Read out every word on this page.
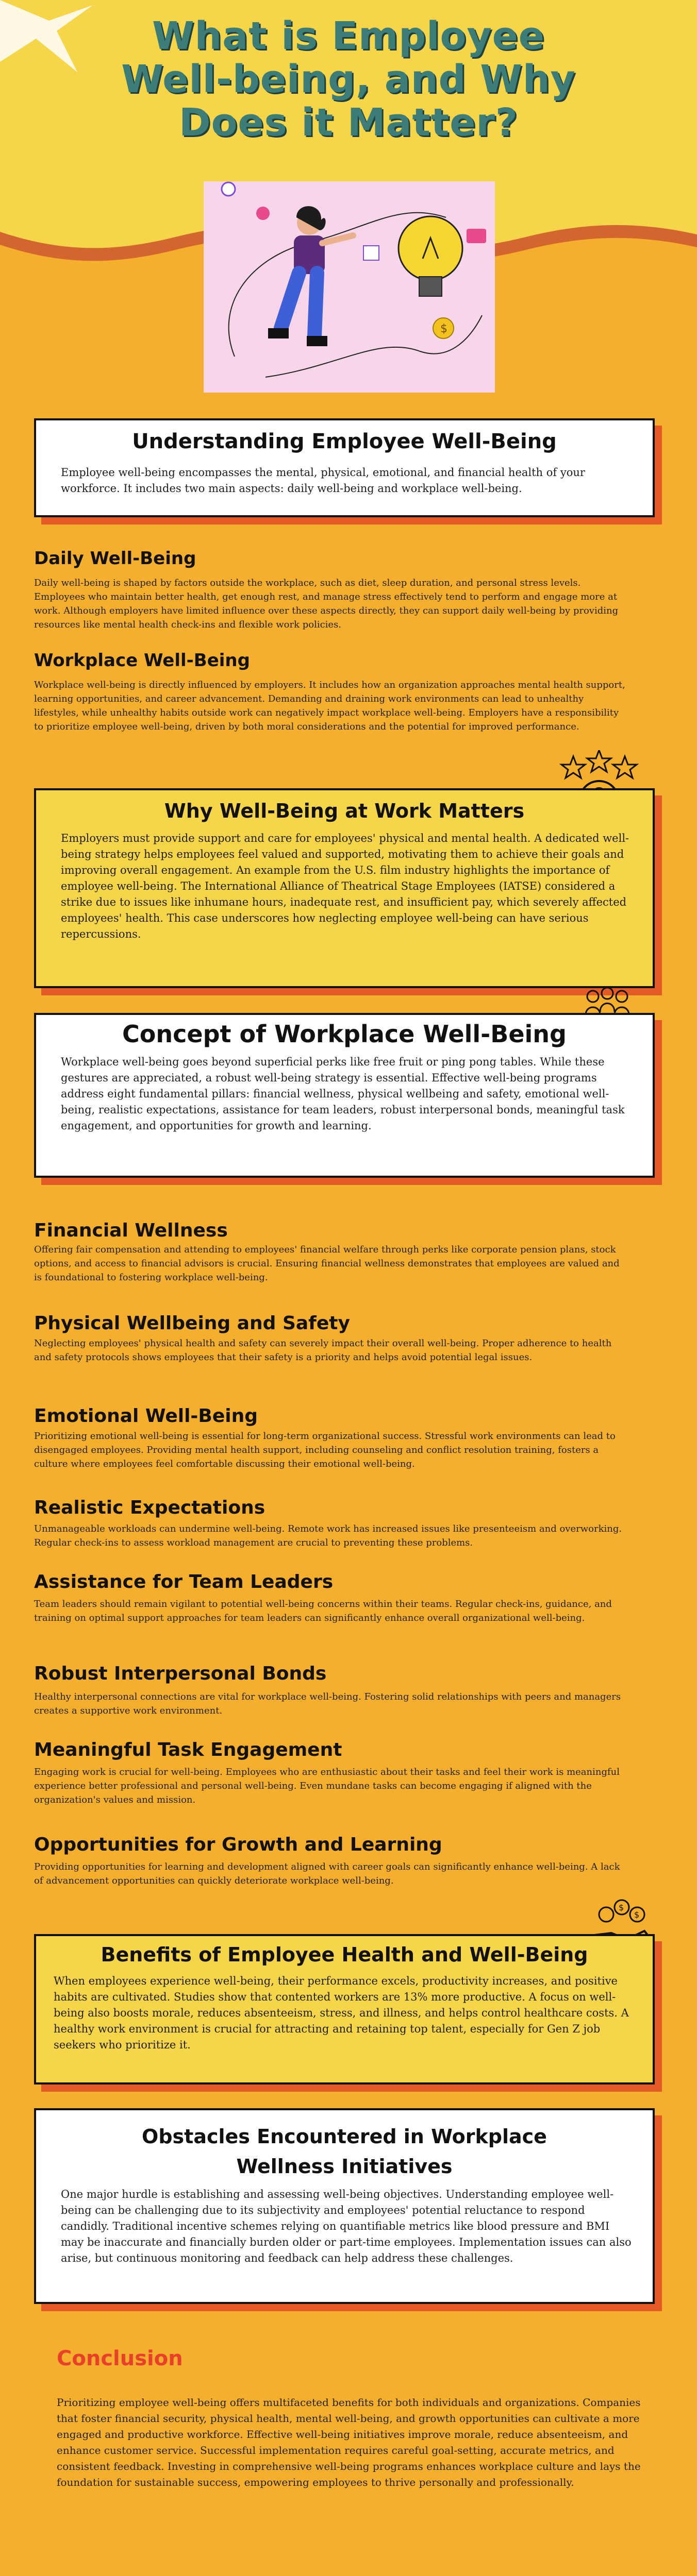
What is Employee
Well-being, and Why
Does it Matter?
$
Understanding Employee Well-Being
Employee well-being encompasses the mental, physical, emotional, and financial health of your workforce. It includes two main aspects: daily well-being and workplace well-being.
Daily Well-Being
Daily well-being is shaped by factors outside the workplace, such as diet, sleep duration, and personal stress levels. Employees who maintain better health, get enough rest, and manage stress effectively tend to perform and engage more at work. Although employers have limited influence over these aspects directly, they can support daily well-being by providing resources like mental health check-ins and flexible work policies.
Workplace Well-Being
Workplace well-being is directly influenced by employers. It includes how an organization approaches mental health support, learning opportunities, and career advancement. Demanding and draining work environments can lead to unhealthy lifestyles, while unhealthy habits outside work can negatively impact workplace well-being. Employers have a responsibility to prioritize employee well-being, driven by both moral considerations and the potential for improved performance.
Why Well-Being at Work Matters
Employers must provide support and care for employees' physical and mental health. A dedicated well-being strategy helps employees feel valued and supported, motivating them to achieve their goals and improving overall engagement. An example from the U.S. film industry highlights the importance of employee well-being. The International Alliance of Theatrical Stage Employees (IATSE) considered a strike due to issues like inhumane hours, inadequate rest, and insufficient pay, which severely affected employees' health. This case underscores how neglecting employee well-being can have serious repercussions.
Concept of Workplace Well-Being
Workplace well-being goes beyond superficial perks like free fruit or ping pong tables. While these gestures are appreciated, a robust well-being strategy is essential. Effective well-being programs address eight fundamental pillars: financial wellness, physical wellbeing and safety, emotional well-being, realistic expectations, assistance for team leaders, robust interpersonal bonds, meaningful task engagement, and opportunities for growth and learning.
Financial Wellness
Offering fair compensation and attending to employees' financial welfare through perks like corporate pension plans, stock options, and access to financial advisors is crucial. Ensuring financial wellness demonstrates that employees are valued and is foundational to fostering workplace well-being.
Physical Wellbeing and Safety
Neglecting employees' physical health and safety can severely impact their overall well-being. Proper adherence to health and safety protocols shows employees that their safety is a priority and helps avoid potential legal issues.
Emotional Well-Being
Prioritizing emotional well-being is essential for long-term organizational success. Stressful work environments can lead to disengaged employees. Providing mental health support, including counseling and conflict resolution training, fosters a culture where employees feel comfortable discussing their emotional well-being.
Realistic Expectations
Unmanageable workloads can undermine well-being. Remote work has increased issues like presenteeism and overworking. Regular check-ins to assess workload management are crucial to preventing these problems.
Assistance for Team Leaders
Team leaders should remain vigilant to potential well-being concerns within their teams. Regular check-ins, guidance, and training on optimal support approaches for team leaders can significantly enhance overall organizational well-being.
Robust Interpersonal Bonds
Healthy interpersonal connections are vital for workplace well-being. Fostering solid relationships with peers and managers creates a supportive work environment.
Meaningful Task Engagement
Engaging work is crucial for well-being. Employees who are enthusiastic about their tasks and feel their work is meaningful experience better professional and personal well-being. Even mundane tasks can become engaging if aligned with the organization's values and mission.
Opportunities for Growth and Learning
Providing opportunities for learning and development aligned with career goals can significantly enhance well-being. A lack of advancement opportunities can quickly deteriorate workplace well-being.
$
$
Benefits of Employee Health and Well-Being
When employees experience well-being, their performance excels, productivity increases, and positive habits are cultivated. Studies show that contented workers are 13% more productive. A focus on well-being also boosts morale, reduces absenteeism, stress, and illness, and helps control healthcare costs. A healthy work environment is crucial for attracting and retaining top talent, especially for Gen Z job seekers who prioritize it.
Obstacles Encountered in Workplace Wellness Initiatives
One major hurdle is establishing and assessing well-being objectives. Understanding employee well-being can be challenging due to its subjectivity and employees' potential reluctance to respond candidly. Traditional incentive schemes relying on quantifiable metrics like blood pressure and BMI may be inaccurate and financially burden older or part-time employees. Implementation issues can also arise, but continuous monitoring and feedback can help address these challenges.
Conclusion
Prioritizing employee well-being offers multifaceted benefits for both individuals and organizations. Companies that foster financial security, physical health, mental well-being, and growth opportunities can cultivate a more engaged and productive workforce. Effective well-being initiatives improve morale, reduce absenteeism, and enhance customer service. Successful implementation requires careful goal-setting, accurate metrics, and consistent feedback. Investing in comprehensive well-being programs enhances workplace culture and lays the foundation for sustainable success, empowering employees to thrive personally and professionally.
